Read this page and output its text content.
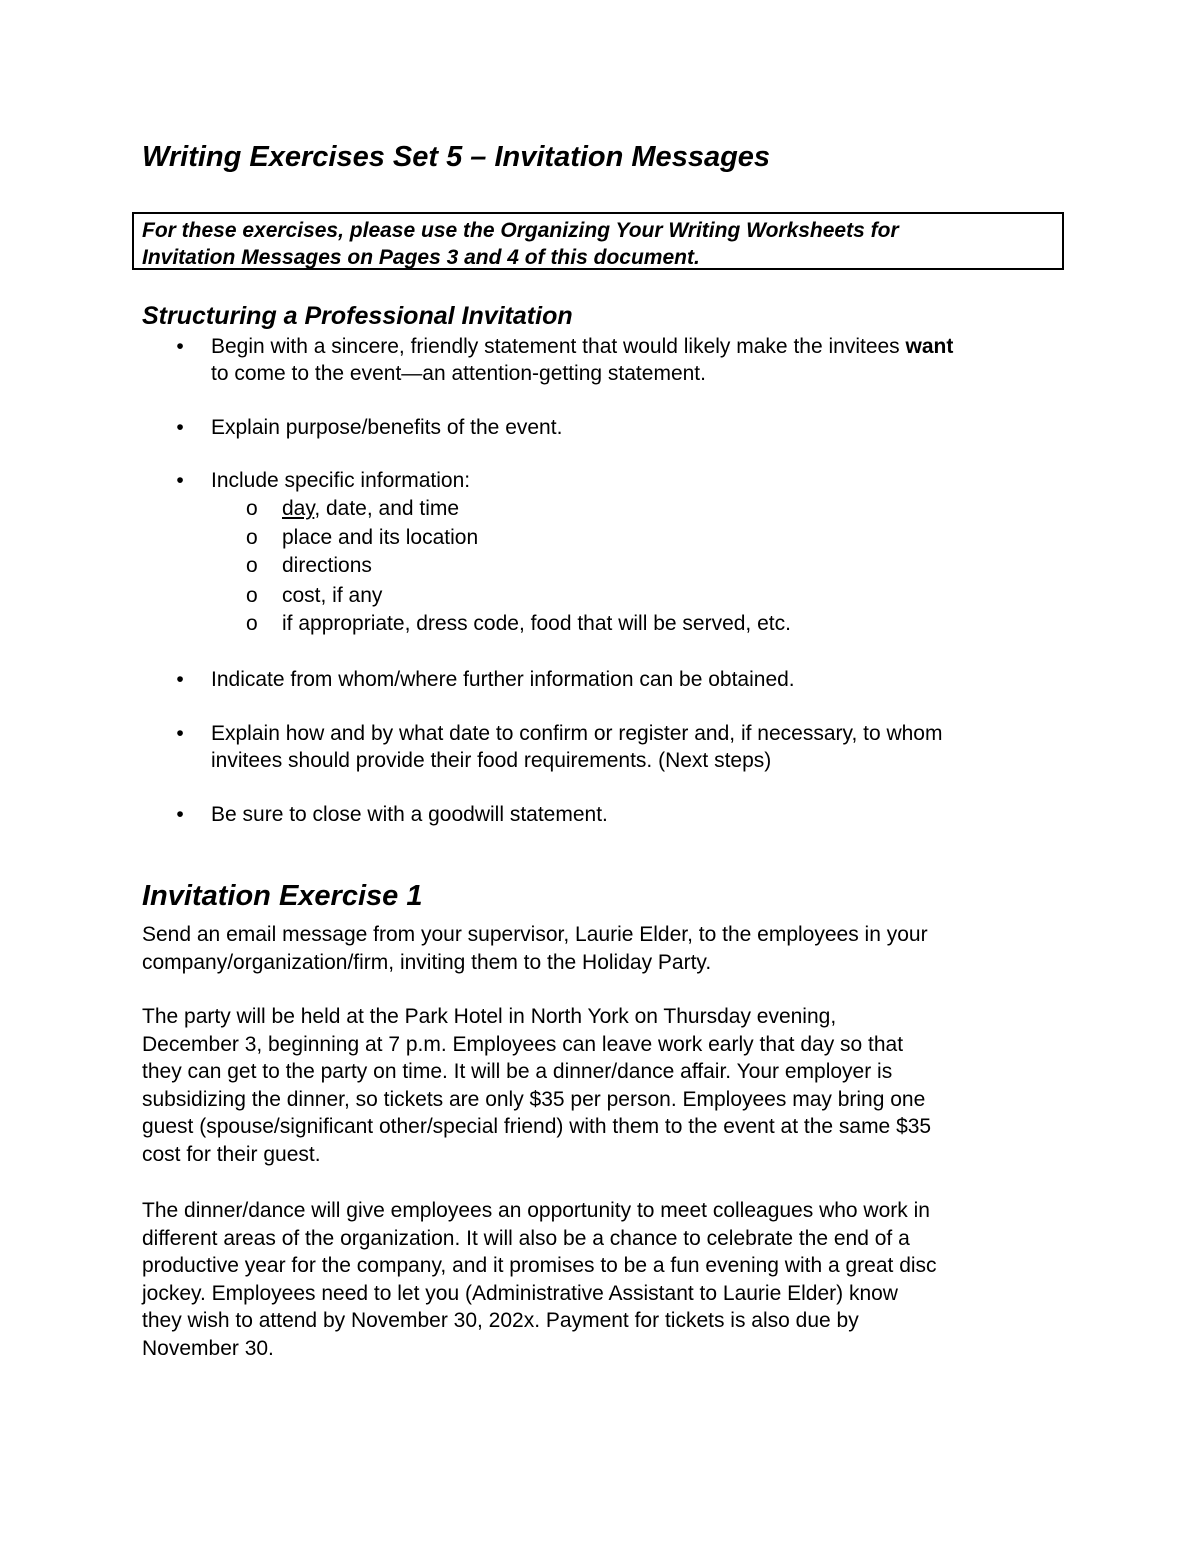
Writing Exercises Set 5 – Invitation Messages
For these exercises, please use the Organizing Your Writing Worksheets for
Invitation Messages on Pages 3 and 4 of this document.
Structuring a Professional Invitation
• Begin with a sincere, friendly statement that would likely make the invitees want
to come to the event—an attention-getting statement.
• Explain purpose/benefits of the event.
• Include specific information:
o day, date, and time
o place and its location
o directions
o cost, if any
o if appropriate, dress code, food that will be served, etc.
• Indicate from whom/where further information can be obtained.
• Explain how and by what date to confirm or register and, if necessary, to whom
invitees should provide their food requirements. (Next steps)
• Be sure to close with a goodwill statement.
Invitation Exercise 1
Send an email message from your supervisor, Laurie Elder, to the employees in your
company/organization/firm, inviting them to the Holiday Party.
The party will be held at the Park Hotel in North York on Thursday evening,
December 3, beginning at 7 p.m. Employees can leave work early that day so that
they can get to the party on time. It will be a dinner/dance affair. Your employer is
subsidizing the dinner, so tickets are only $35 per person. Employees may bring one
guest (spouse/significant other/special friend) with them to the event at the same $35
cost for their guest.
The dinner/dance will give employees an opportunity to meet colleagues who work in
different areas of the organization. It will also be a chance to celebrate the end of a
productive year for the company, and it promises to be a fun evening with a great disc
jockey. Employees need to let you (Administrative Assistant to Laurie Elder) know
they wish to attend by November 30, 202x. Payment for tickets is also due by
November 30.
